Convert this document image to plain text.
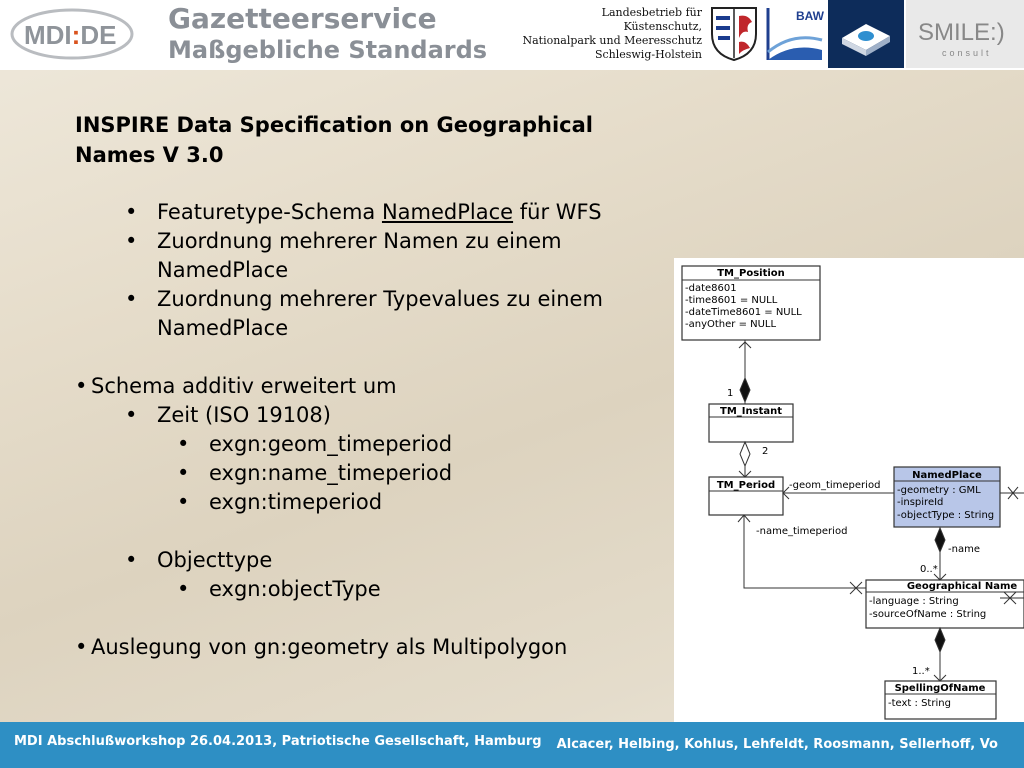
MDI:DE Gazetteerservice
Maßgebliche Standards
Landesbetrieb für
Küstenschutz,
Nationalpark und Meeresschutz
Schleswig-Holstein
BAW
SMILE:)
consult
INSPIRE Data Specification on Geographical
Names V 3.0
• Featuretype-Schema NamedPlace für WFS
• Zuordnung mehrerer Namen zu einem
NamedPlace
• Zuordnung mehrerer Typevalues zu einem
NamedPlace
• Schema additiv erweitert um
• Zeit (ISO 19108)
• exgn:geom_timeperiod
• exgn:name_timeperiod
• exgn:timeperiod
• Objecttype
• exgn:objectType
• Auslegung von gn:geometry als Multipolygon
TM_Position
-date8601
-time8601 = NULL
-dateTime8601 = NULL
-anyOther = NULL
TM_Instant
TM_Period
NamedPlace
-geometry : GML
-inspireId
-objectType : String
Geographical Name
-language : String
-sourceOfName : String
SpellingOfName
-text : String
1
2
-geom_timeperiod
-name_timeperiod
-name
0..*
1..*
MDI Abschlußworkshop 26.04.2013, Patriotische Gesellschaft, Hamburg Alcacer, Helbing, Kohlus, Lehfeldt, Roosmann, Sellerhoff, Vo
